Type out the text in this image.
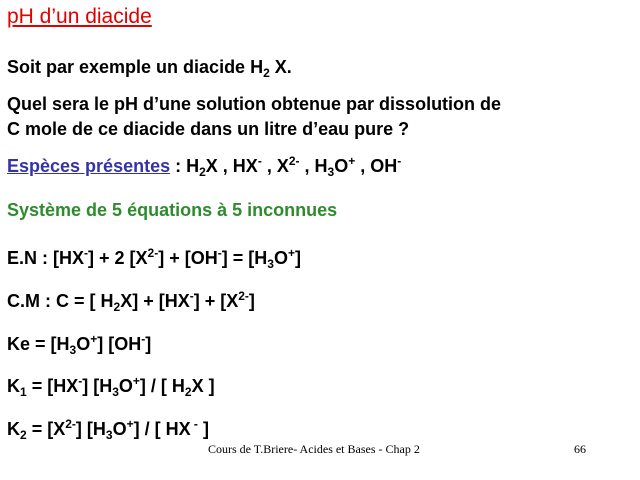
pH d’un diacide
Soit par exemple un diacide $H_2$ X.
Quel sera le pH d’une solution obtenue par dissolution de
C mole de ce diacide dans un litre d’eau pure ?
Espèces présentes : $H_2X$ , HX- , $X^{2-}$ , $H_3O^+$ , OH-
Système de 5 équations à 5 inconnues
E.N : [HX-] + 2 $[X^{2-}] + [OH^-] = [H_3O^+]$
C.M : C = [ $H_2X] + [HX^-] + [X^{2-}]$
$Ke = [H_3O^+]$ [OH-]
$K_1 = [HX^-]$ $[H_3O^+]$ / [ $H_2X$ ]
$K_2 = [X^{2-}]$ $[H_3O^+]$ / [ HX - ]
Cours de T.Briere- Acides et Bases - Chap 2	66
